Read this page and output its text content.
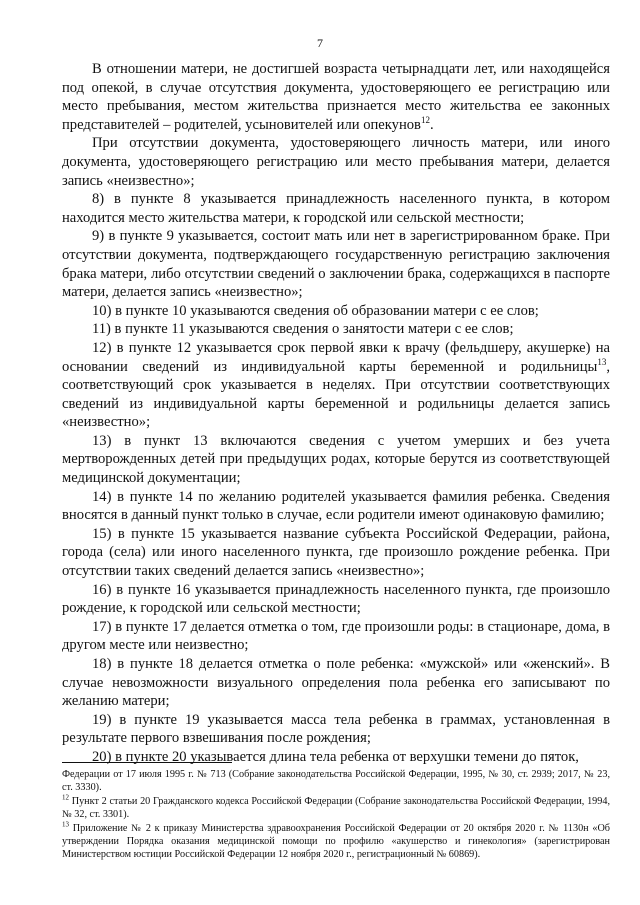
7

В отношении матери, не достигшей возраста четырнадцати лет, или находящейся под опекой, в случае отсутствия документа, удостоверяющего ее регистрацию или место пребывания, местом жительства признается место жительства ее законных представителей – родителей, усыновителей или опекунов$^{12}$.

При отсутствии документа, удостоверяющего личность матери, или иного документа, удостоверяющего регистрацию или место пребывания матери, делается запись «неизвестно»;

8) в пункте 8 указывается принадлежность населенного пункта, в котором находится место жительства матери, к городской или сельской местности;

9) в пункте 9 указывается, состоит мать или нет в зарегистрированном браке. При отсутствии документа, подтверждающего государственную регистрацию заключения брака матери, либо отсутствии сведений о заключении брака, содержащихся в паспорте матери, делается запись «неизвестно»;

10) в пункте 10 указываются сведения об образовании матери с ее слов;

11) в пункте 11 указываются сведения о занятости матери с ее слов;

12) в пункте 12 указывается срок первой явки к врачу (фельдшеру, акушерке) на основании сведений из индивидуальной карты беременной и родильницы$^{13}$, соответствующий срок указывается в неделях. При отсутствии соответствующих сведений из индивидуальной карты беременной и родильницы делается запись «неизвестно»;

13) в пункт 13 включаются сведения с учетом умерших и без учета мертворожденных детей при предыдущих родах, которые берутся из соответствующей медицинской документации;

14) в пункте 14 по желанию родителей указывается фамилия ребенка. Сведения вносятся в данный пункт только в случае, если родители имеют одинаковую фамилию;

15) в пункте 15 указывается название субъекта Российской Федерации, района, города (села) или иного населенного пункта, где произошло рождение ребенка. При отсутствии таких сведений делается запись «неизвестно»;

16) в пункте 16 указывается принадлежность населенного пункта, где произошло рождение, к городской или сельской местности;

17) в пункте 17 делается отметка о том, где произошли роды: в стационаре, дома, в другом месте или неизвестно;

18) в пункте 18 делается отметка о поле ребенка: «мужской» или «женский». В случае невозможности визуального определения пола ребенка его записывают по желанию матери;

19) в пункте 19 указывается масса тела ребенка в граммах, установленная в результате первого взвешивания после рождения;

20) в пункте 20 указывается длина тела ребенка от верхушки темени до пяток,

Федерации от 17 июля 1995 г. № 713 (Собрание законодательства Российской Федерации, 1995, № 30, ст. 2939; 2017, № 23, ст. 3330).

$^{12}$ Пункт 2 статьи 20 Гражданского кодекса Российской Федерации (Собрание законодательства Российской Федерации, 1994, № 32, ст. 3301).

$^{13}$ Приложение № 2 к приказу Министерства здравоохранения Российской Федерации от 20 октября 2020 г. № 1130н «Об утверждении Порядка оказания медицинской помощи по профилю «акушерство и гинекология» (зарегистрирован Министерством юстиции Российской Федерации 12 ноября 2020 г., регистрационный № 60869).
